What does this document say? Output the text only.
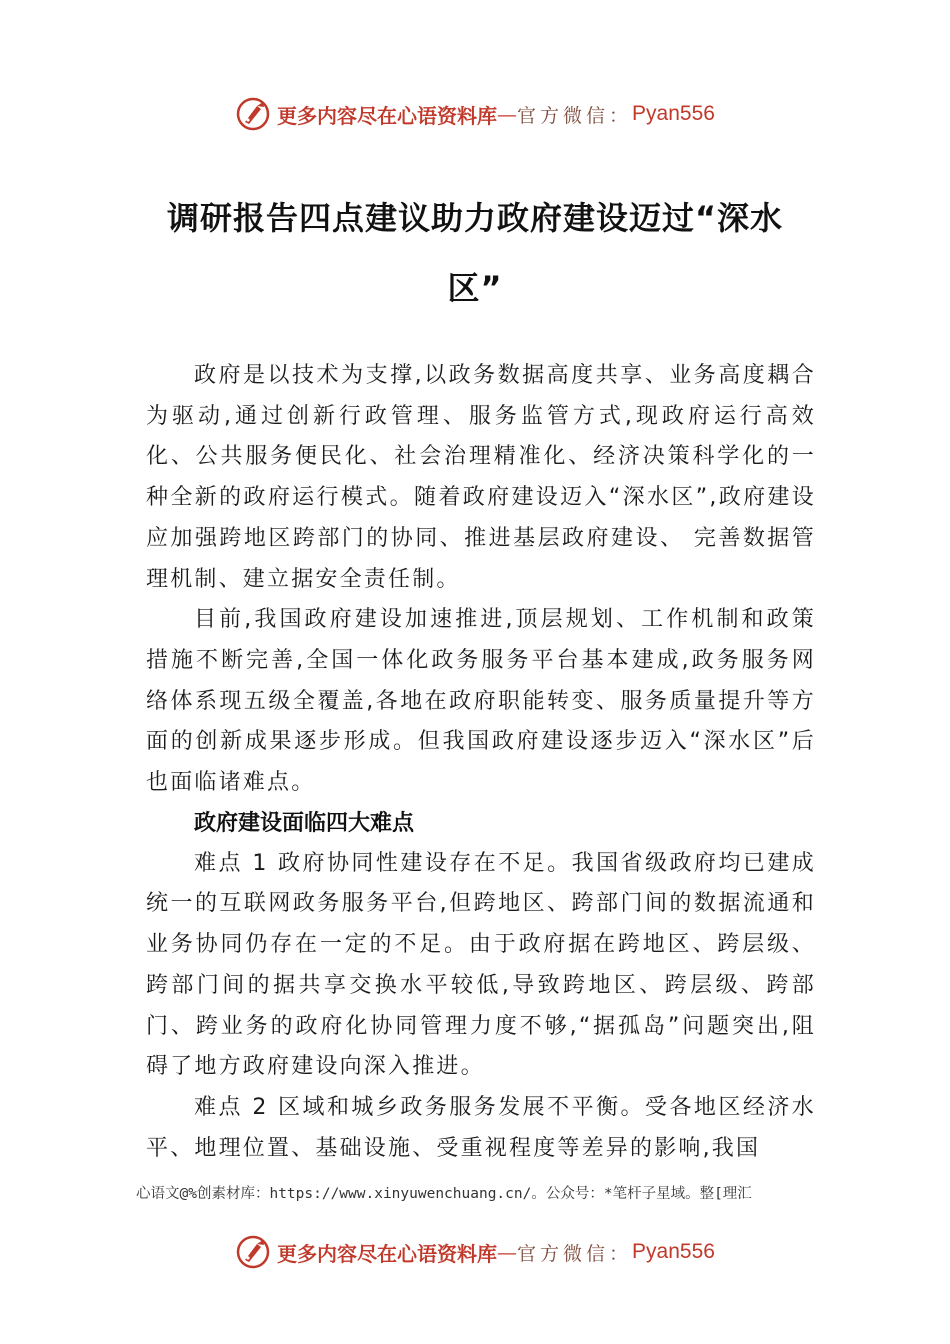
更多内容尽在心语资料库 — 官方微信： Pyan556
调研报告四点建议助力政府建设迈过“深水区”

政府是以技术为支撑,以政务数据高度共享、业务高度耦合为驱动,通过创新行政管理、服务监管方式,现政府运行高效化、公共服务便民化、社会治理精准化、经济决策科学化的一种全新的政府运行模式。随着政府建设迈入“深水区”,政府建设应加强跨地区跨部门的协同、推进基层政府建设、 完善数据管理机制、建立据安全责任制。

目前,我国政府建设加速推进,顶层规划、工作机制和政策措施不断完善,全国一体化政务服务平台基本建成,政务服务网络体系现五级全覆盖,各地在政府职能转变、服务质量提升等方面的创新成果逐步形成。但我国政府建设逐步迈入“深水区”后也面临诸难点。

政府建设面临四大难点

难点 1 政府协同性建设存在不足。我国省级政府均已建成统一的互联网政务服务平台,但跨地区、跨部门间的数据流通和业务协同仍存在一定的不足。由于政府据在跨地区、跨层级、跨部门间的据共享交换水平较低,导致跨地区、跨层级、跨部门、跨业务的政府化协同管理力度不够,“据孤岛”问题突出,阻碍了地方政府建设向深入推进。

难点 2 区域和城乡政务服务发展不平衡。受各地区经济水平、地理位置、基础设施、受重视程度等差异的影响,我国

心语文@%创素材库：https://www.xinyuwenchuang.cn/。公众号：*笔杆子星域。整[理汇
更多内容尽在心语资料库 — 官方微信： Pyan556
